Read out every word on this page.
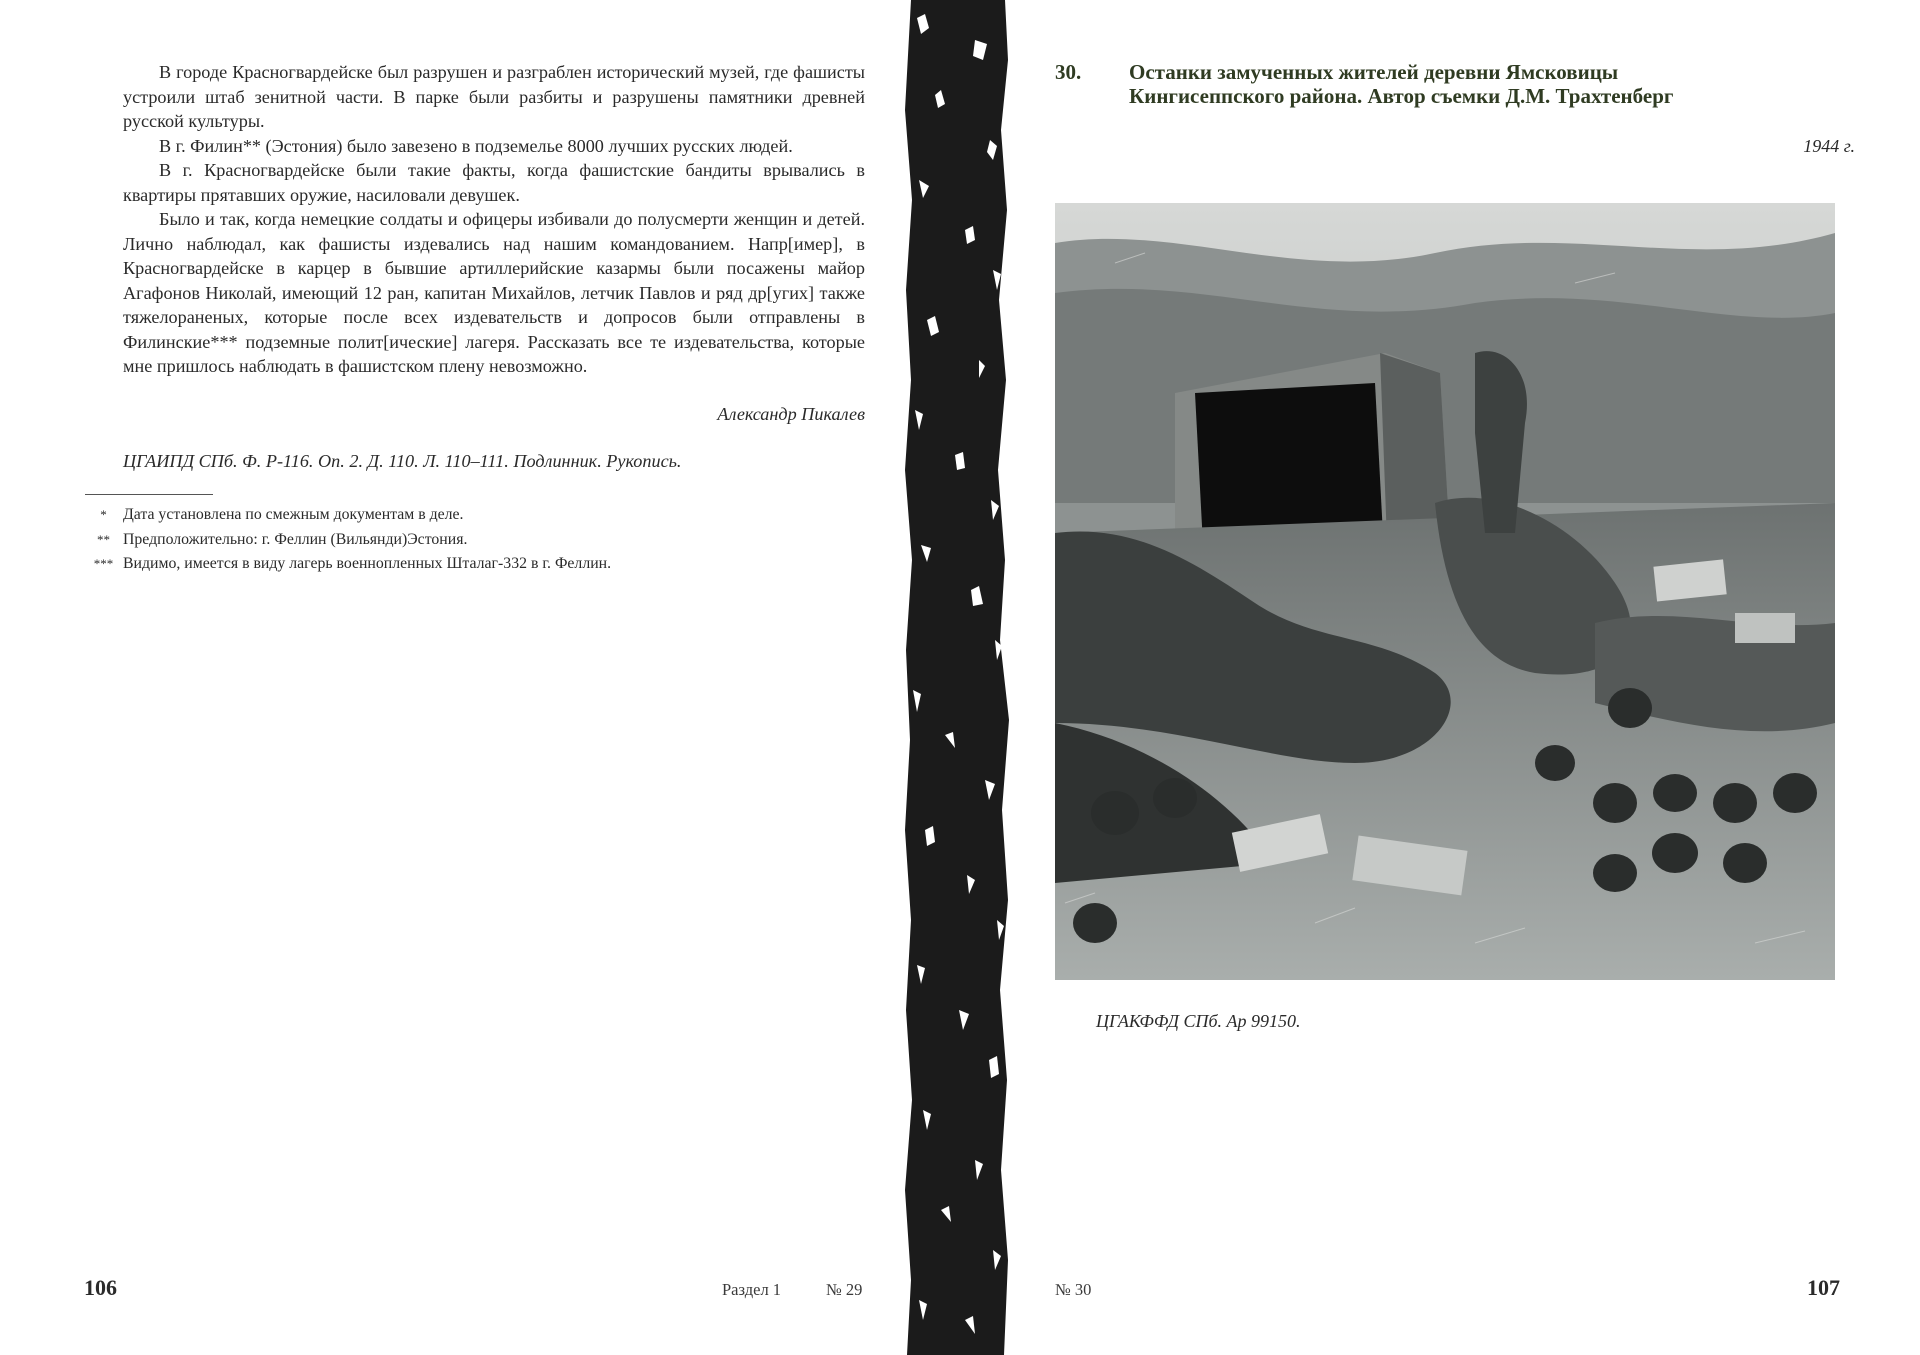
В городе Красногвардейске был разрушен и разграблен исторический музей, где фашисты устроили штаб зенитной части. В парке были разбиты и разрушены памятники древней русской культуры.

В г. Филин** (Эстония) было завезено в подземелье 8000 лучших русских людей.

В г. Красногвардейске были такие факты, когда фашистские бандиты врывались в квартиры прятавших оружие, насиловали девушек.

Было и так, когда немецкие солдаты и офицеры избивали до полусмерти женщин и детей. Лично наблюдал, как фашисты издевались над нашим командованием. Напр[имер], в Красногвардейске в карцер в бывшие артиллерийские казармы были посажены майор Агафонов Николай, имеющий 12 ран, капитан Михайлов, летчик Павлов и ряд др[угих] также тяжелораненых, которые после всех издевательств и допросов были отправлены в Филинские*** подземные полит[ические] лагеря. Рассказать все те издевательства, которые мне пришлось наблюдать в фашистском плену невозможно.

Александр Пикалев
ЦГАИПД СПб. Ф. Р-116. Оп. 2. Д. 110. Л. 110–111. Подлинник. Рукопись.
*	Дата установлена по смежным документам в деле.
** Предположительно: г. Феллин (Вильянди)Эстония.
*** Видимо, имеется в виду лагерь военнопленных Шталаг-332 в г. Феллин.
106	Раздел 1	№ 29
30. Останки замученных жителей деревни Ямсковицы
Кингисеппского района. Автор съемки Д.М. Трахтенберг
1944 г.
ЦГАКФФД СПб. Ар 99150.
№ 30	107
